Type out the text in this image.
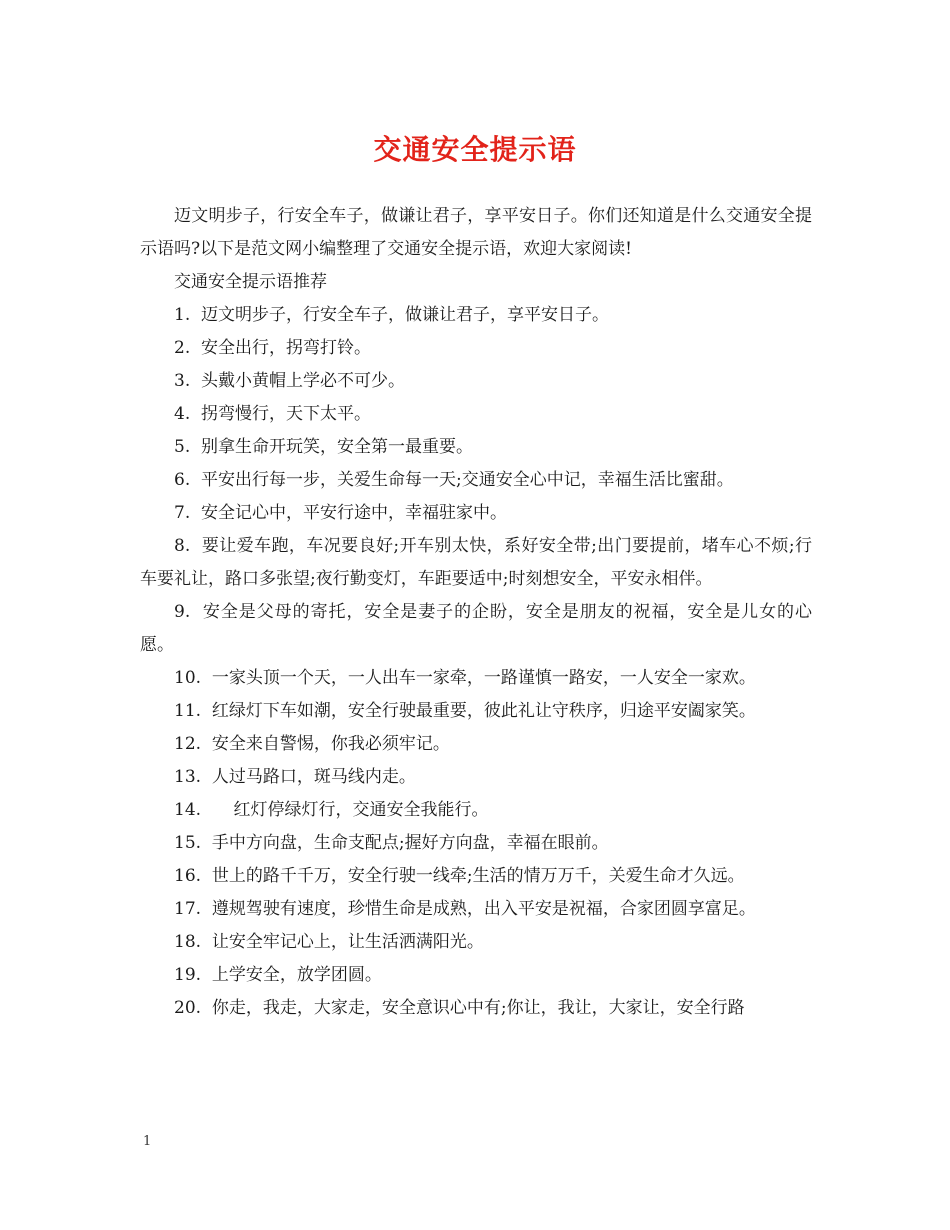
交通安全提示语

迈文明步子，行安全车子，做谦让君子，享平安日子。你们还知道是什么交通安全提示语吗?以下是范文网小编整理了交通安全提示语，欢迎大家阅读!

交通安全提示语推荐

1.  迈文明步子，行安全车子，做谦让君子，享平安日子。

2.  安全出行，拐弯打铃。

3.  头戴小黄帽上学必不可少。

4.  拐弯慢行，天下太平。

5.  别拿生命开玩笑，安全第一最重要。

6.  平安出行每一步，关爱生命每一天;交通安全心中记，幸福生活比蜜甜。

7.  安全记心中，平安行途中，幸福驻家中。

8.  要让爱车跑，车况要良好;开车别太快，系好安全带;出门要提前，堵车心不烦;行车要礼让，路口多张望;夜行勤变灯，车距要适中;时刻想安全，平安永相伴。

9.  安全是父母的寄托，安全是妻子的企盼，安全是朋友的祝福，安全是儿女的心愿。

10.  一家头顶一个天，一人出车一家牵，一路谨慎一路安，一人安全一家欢。

11.  红绿灯下车如潮，安全行驶最重要，彼此礼让守秩序，归途平安阖家笑。

12.  安全来自警惕，你我必须牢记。

13.  人过马路口，斑马线内走。

14.      红灯停绿灯行，交通安全我能行。

15.  手中方向盘，生命支配点;握好方向盘，幸福在眼前。

16.  世上的路千千万，安全行驶一线牵;生活的情万万千，关爱生命才久远。

17.  遵规驾驶有速度，珍惜生命是成熟，出入平安是祝福，合家团圆享富足。

18.  让安全牢记心上，让生活洒满阳光。

19.  上学安全，放学团圆。

20.  你走，我走，大家走，安全意识心中有;你让，我让，大家让，安全行路

1
